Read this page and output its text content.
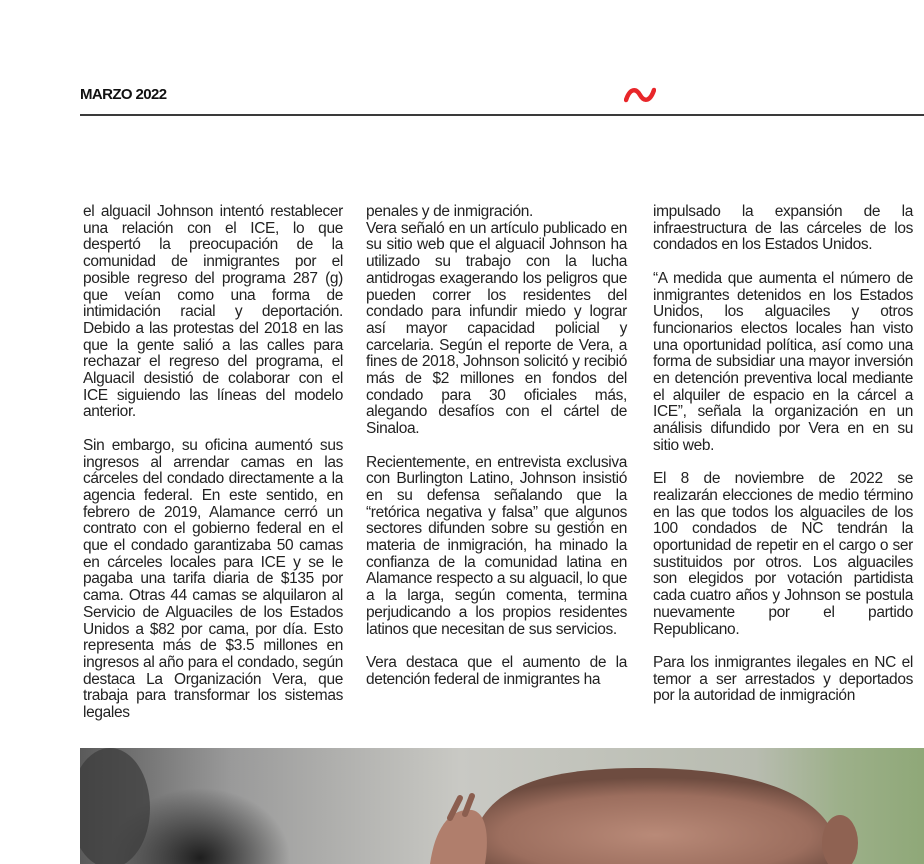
MARZO 2022

el alguacil Johnson intentó restablecer una relación con el ICE, lo que despertó la preocupación de la comunidad de inmigrantes por el posible regreso del programa 287 (g) que veían como una forma de intimidación racial y deportación. Debido a las protestas del 2018 en las que la gente salió a las calles para rechazar el regreso del programa, el Alguacil desistió de colaborar con el ICE siguiendo las líneas del modelo anterior.

Sin embargo, su oficina aumentó sus ingresos al arrendar camas en las cárceles del condado directamente a la agencia federal. En este sentido, en febrero de 2019, Alamance cerró un contrato con el gobierno federal en el que el condado garantizaba 50 camas en cárceles locales para ICE y se le pagaba una tarifa diaria de $135 por cama. Otras 44 camas se alquilaron al Servicio de Alguaciles de los Estados Unidos a $82 por cama, por día. Esto representa más de $3.5 millones en ingresos al año para el condado, según destaca La Organización Vera, que trabaja para transformar los sistemas legales

penales y de inmigración.

Vera señaló en un artículo publicado en su sitio web que el alguacil Johnson ha utilizado su trabajo con la lucha antidrogas exagerando los peligros que pueden correr los residentes del condado para infundir miedo y lograr así mayor capacidad policial y carcelaria. Según el reporte de Vera, a fines de 2018, Johnson solicitó y recibió más de $2 millones en fondos del condado para 30 oficiales más, alegando desafíos con el cártel de Sinaloa.

Recientemente, en entrevista exclusiva con Burlington Latino, Johnson insistió en su defensa señalando que la “retórica negativa y falsa” que algunos sectores difunden sobre su gestión en materia de inmigración, ha minado la confianza de la comunidad latina en Alamance respecto a su alguacil, lo que a la larga, según comenta, termina perjudicando a los propios residentes latinos que necesitan de sus servicios.

Vera destaca que el aumento de la detención federal de inmigrantes ha

impulsado la expansión de la infraestructura de las cárceles de los condados en los Estados Unidos.

“A medida que aumenta el número de inmigrantes detenidos en los Estados Unidos, los alguaciles y otros funcionarios electos locales han visto una oportunidad política, así como una forma de subsidiar una mayor inversión en detención preventiva local mediante el alquiler de espacio en la cárcel a ICE”, señala la organización en un análisis difundido por Vera en en su sitio web.

El 8 de noviembre de 2022 se realizarán elecciones de medio término en las que todos los alguaciles de los 100 condados de NC tendrán la oportunidad de repetir en el cargo o ser sustituidos por otros. Los alguaciles son elegidos por votación partidista cada cuatro años y Johnson se postula nuevamente por el partido Republicano.

Para los inmigrantes ilegales en NC el temor a ser arrestados y deportados por la autoridad de inmigración
